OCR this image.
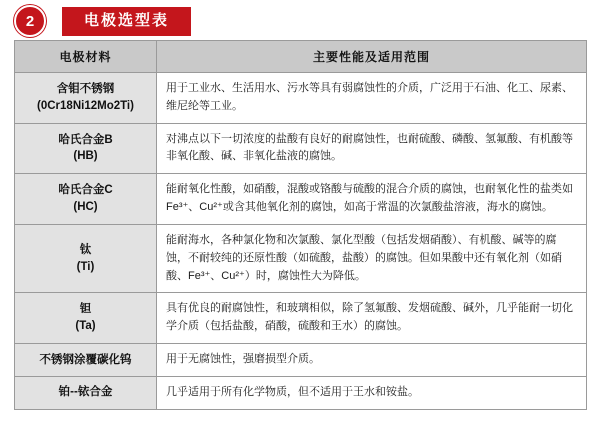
2	电极选型表
电极材料	主要性能及适用范围

含钼不锈钢
(0Cr18Ni12Mo2Ti)	用于工业水、生活用水、污水等具有弱腐蚀性的介质，广泛用于石油、化工、尿素、维尼纶等工业。

哈氏合金B
(HB)	对沸点以下一切浓度的盐酸有良好的耐腐蚀性，也耐硫酸、磷酸、氢氟酸、有机酸等非氧化酸、碱、非氧化盐液的腐蚀。

哈氏合金C
(HC)	能耐氧化性酸，如硝酸，混酸或铬酸与硫酸的混合介质的腐蚀，也耐氧化性的盐类如Fe³⁺、Cu²⁺或含其他氧化剂的腐蚀，如高于常温的次氯酸盐溶液，海水的腐蚀。

钛
(Ti)	能耐海水，各种氯化物和次氯酸、氯化型酸（包括发烟硝酸）、有机酸、碱等的腐蚀，不耐较纯的还原性酸（如硫酸，盐酸）的腐蚀。但如果酸中还有氧化剂（如硝酸、Fe³⁺、Cu²⁺）时，腐蚀性大为降低。

钽
(Ta)	具有优良的耐腐蚀性，和玻璃相似，除了氢氟酸、发烟硫酸、碱外，几乎能耐一切化学介质（包括盐酸，硝酸，硫酸和王水）的腐蚀。

不锈钢涂覆碳化钨	用于无腐蚀性，强磨损型介质。

铂--铱合金	几乎适用于所有化学物质，但不适用于王水和铵盐。
